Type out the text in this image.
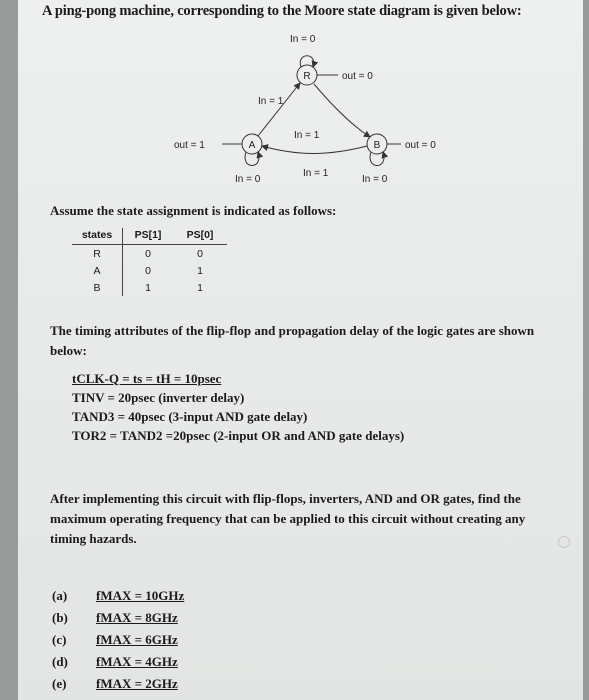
A ping-pong machine, corresponding to the Moore state diagram is given below:
R
In = 0
out = 0
A
out = 1
In = 0
B out = 0
In = 0
In = 1
In = 1
In = 1
Assume the state assignment is indicated as follows:
states	PS[1]	PS[0]
R	0	0
A	0	1
B	1	1
The timing attributes of the flip-flop and propagation delay of the logic gates are shown
below:
tCLK-Q = ts = tH = 10psec
TINV = 20psec (inverter delay)
TAND3 = 40psec (3-input AND gate delay)
TOR2 = TAND2 =20psec (2-input OR and AND gate delays)
After implementing this circuit with flip-flops, inverters, AND and OR gates, find the
maximum operating frequency that can be applied to this circuit without creating any
timing hazards.
(a)	fMAX = 10GHz
(b)	fMAX = 8GHz
(c)	fMAX = 6GHz
(d)	fMAX = 4GHz
(e)	fMAX = 2GHz
